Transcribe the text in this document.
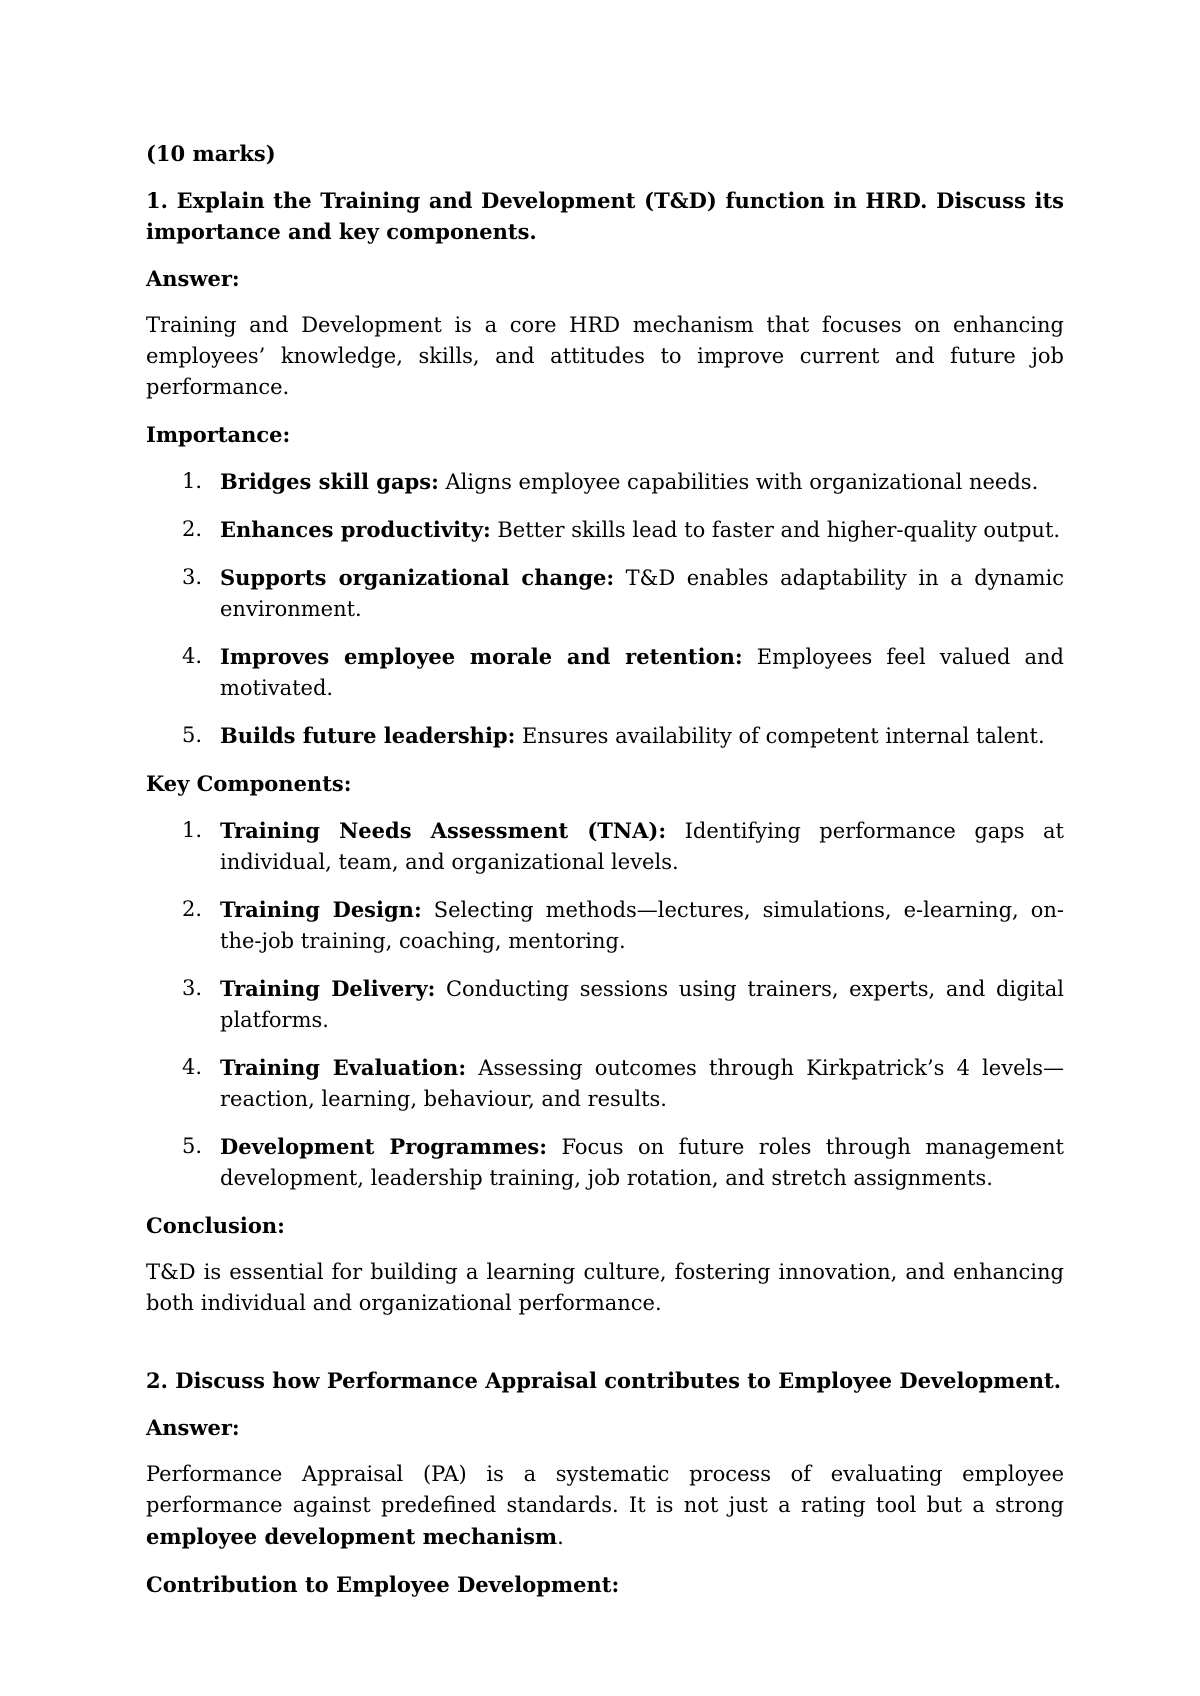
(10 marks)

1. Explain the Training and Development (T&D) function in HRD. Discuss its importance and key components.

Answer:

Training and Development is a core HRD mechanism that focuses on enhancing employees’ knowledge, skills, and attitudes to improve current and future job performance.

Importance:

1. Bridges skill gaps: Aligns employee capabilities with organizational needs.
2. Enhances productivity: Better skills lead to faster and higher-quality output.
3. Supports organizational change: T&D enables adaptability in a dynamic environment.
4. Improves employee morale and retention: Employees feel valued and motivated.
5. Builds future leadership: Ensures availability of competent internal talent.

Key Components:

1. Training Needs Assessment (TNA): Identifying performance gaps at individual, team, and organizational levels.
2. Training Design: Selecting methods—lectures, simulations, e-learning, on-the-job training, coaching, mentoring.
3. Training Delivery: Conducting sessions using trainers, experts, and digital platforms.
4. Training Evaluation: Assessing outcomes through Kirkpatrick’s 4 levels—reaction, learning, behaviour, and results.
5. Development Programmes: Focus on future roles through management development, leadership training, job rotation, and stretch assignments.

Conclusion:

T&D is essential for building a learning culture, fostering innovation, and enhancing both individual and organizational performance.

2. Discuss how Performance Appraisal contributes to Employee Development.

Answer:

Performance Appraisal (PA) is a systematic process of evaluating employee performance against predefined standards. It is not just a rating tool but a strong employee development mechanism.

Contribution to Employee Development:
